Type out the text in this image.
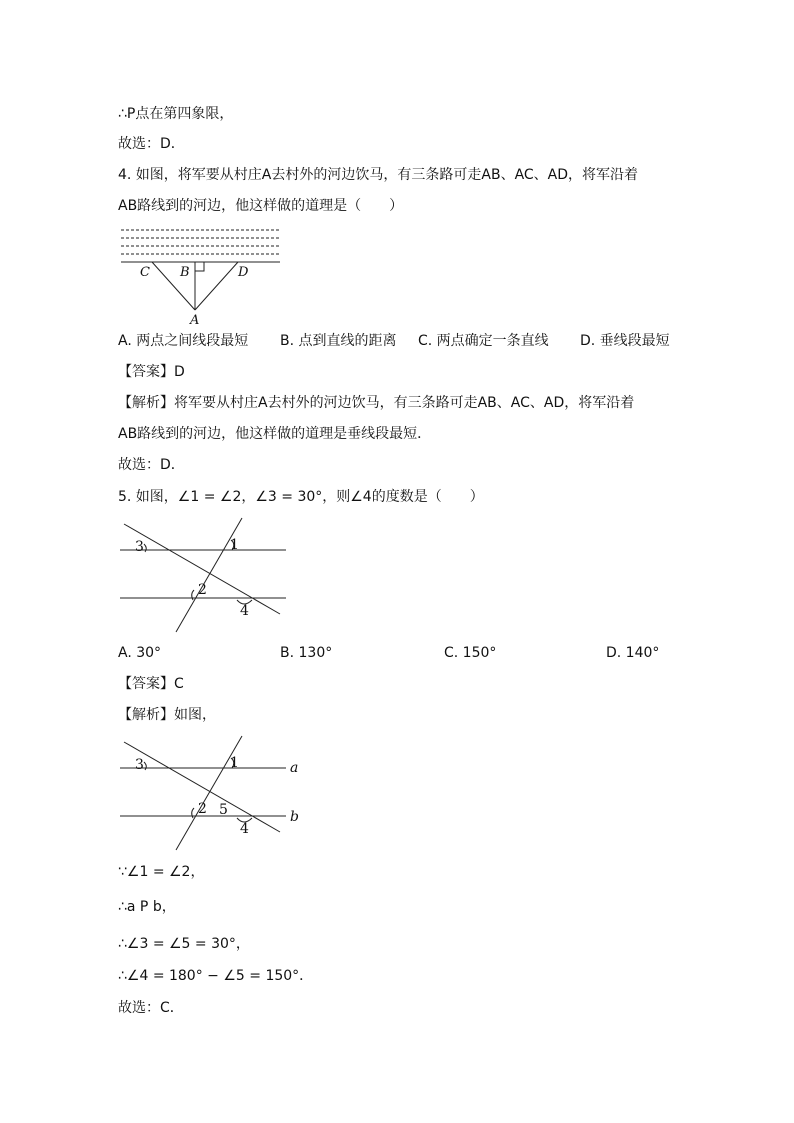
∴P点在第四象限，
故选：D．
4. 如图，将军要从村庄A去村外的河边饮马，有三条路可走AB、AC、AD，将军沿着
AB路线到的河边，他这样做的道理是（　　）
C B	D
A
A. 两点之间线段最短 B. 点到直线的距离 C. 两点确定一条直线 D. 垂线段最短
【答案】D
【解析】将军要从村庄A去村外的河边饮马，有三条路可走AB、AC、AD，将军沿着
AB路线到的河边，他这样做的道理是垂线段最短．
故选：D．
5. 如图，∠1 = ∠2，∠3 = 30°，则∠4的度数是（　　）
3	1
2
4
A. 30°	B. 130°	C. 150°	D. 140°
【答案】C
【解析】如图，
3	1
2 5
4
a
b
∵∠1 = ∠2，
∴a P b，
∴∠3 = ∠5 = 30°，
∴∠4 = 180° − ∠5 = 150°．
故选：C．
